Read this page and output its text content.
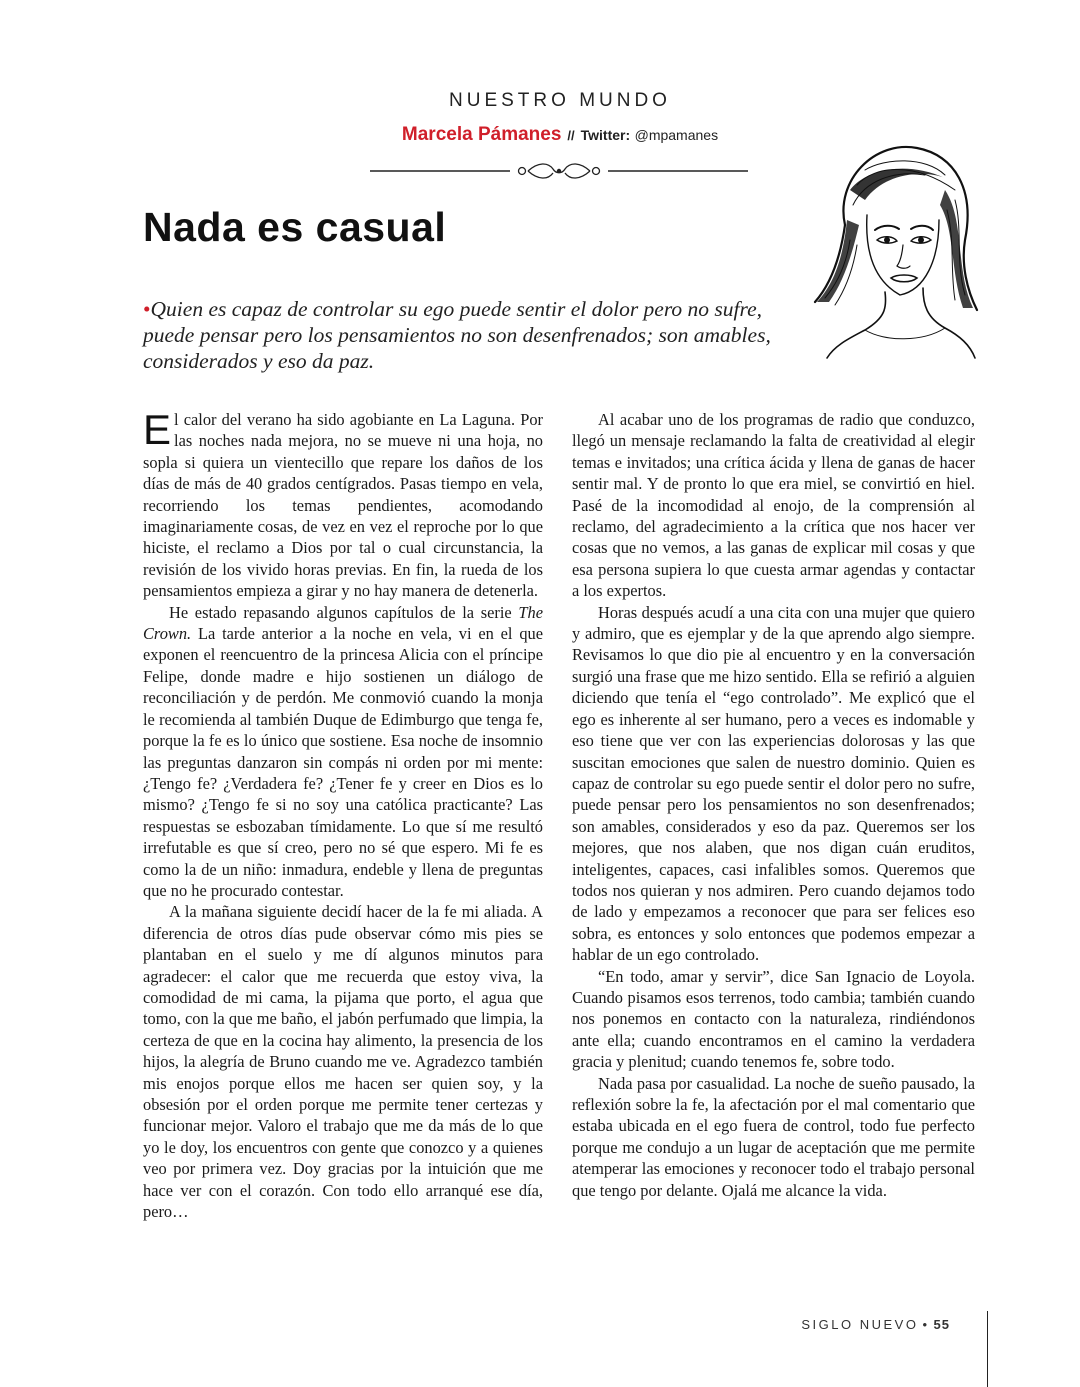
NUESTRO MUNDO
Marcela Pámanes // Twitter: @mpamanes
Nada es casual

•Quien es capaz de controlar su ego puede sentir el dolor pero no sufre, puede pensar pero los pensamientos no son desenfrenados; son amables, considerados y eso da paz.

El calor del verano ha sido agobiante en La Laguna. Por las noches nada mejora, no se mueve ni una hoja, no sopla si quiera un vientecillo que repare los daños de los días de más de 40 grados centígrados. Pasas tiempo en vela, recorriendo los temas pendientes, acomodando imaginariamente cosas, de vez en vez el reproche por lo que hiciste, el reclamo a Dios por tal o cual circunstancia, la revisión de los vivido horas previas. En fin, la rueda de los pensamientos empieza a girar y no hay manera de detenerla.

He estado repasando algunos capítulos de la serie The Crown. La tarde anterior a la noche en vela, vi en el que exponen el reencuentro de la princesa Alicia con el príncipe Felipe, donde madre e hijo sostienen un diálogo de reconciliación y de perdón. Me conmovió cuando la monja le recomienda al también Duque de Edimburgo que tenga fe, porque la fe es lo único que sostiene. Esa noche de insomnio las preguntas danzaron sin compás ni orden por mi mente: ¿Tengo fe? ¿Verdadera fe? ¿Tener fe y creer en Dios es lo mismo? ¿Tengo fe si no soy una católica practicante? Las respuestas se esbozaban tímidamente. Lo que sí me resultó irrefutable es que sí creo, pero no sé que espero. Mi fe es como la de un niño: inmadura, endeble y llena de preguntas que no he procurado contestar.

A la mañana siguiente decidí hacer de la fe mi aliada. A diferencia de otros días pude observar cómo mis pies se plantaban en el suelo y me dí algunos minutos para agradecer: el calor que me recuerda que estoy viva, la comodidad de mi cama, la pijama que porto, el agua que tomo, con la que me baño, el jabón perfumado que limpia, la certeza de que en la cocina hay alimento, la presencia de los hijos, la alegría de Bruno cuando me ve. Agradezco también mis enojos porque ellos me hacen ser quien soy, y la obsesión por el orden porque me permite tener certezas y funcionar mejor. Valoro el trabajo que me da más de lo que yo le doy, los encuentros con gente que conozco y a quienes veo por primera vez. Doy gracias por la intuición que me hace ver con el corazón. Con todo ello arranqué ese día, pero…

Al acabar uno de los programas de radio que conduzco, llegó un mensaje reclamando la falta de creatividad al elegir temas e invitados; una crítica ácida y llena de ganas de hacer sentir mal. Y de pronto lo que era miel, se convirtió en hiel. Pasé de la incomodidad al enojo, de la comprensión al reclamo, del agradecimiento a la crítica que nos hacer ver cosas que no vemos, a las ganas de explicar mil cosas y que esa persona supiera lo que cuesta armar agendas y contactar a los expertos.

Horas después acudí a una cita con una mujer que quiero y admiro, que es ejemplar y de la que aprendo algo siempre. Revisamos lo que dio pie al encuentro y en la conversación surgió una frase que me hizo sentido. Ella se refirió a alguien diciendo que tenía el “ego controlado”. Me explicó que el ego es inherente al ser humano, pero a veces es indomable y eso tiene que ver con las experiencias dolorosas y las que suscitan emociones que salen de nuestro dominio. Quien es capaz de controlar su ego puede sentir el dolor pero no sufre, puede pensar pero los pensamientos no son desenfrenados; son amables, considerados y eso da paz. Queremos ser los mejores, que nos alaben, que nos digan cuán eruditos, inteligentes, capaces, casi infalibles somos. Queremos que todos nos quieran y nos admiren. Pero cuando dejamos todo de lado y empezamos a reconocer que para ser felices eso sobra, es entonces y solo entonces que podemos empezar a hablar de un ego controlado.

“En todo, amar y servir”, dice San Ignacio de Loyola. Cuando pisamos esos terrenos, todo cambia; también cuando nos ponemos en contacto con la naturaleza, rindiéndonos ante ella; cuando encontramos en el camino la verdadera gracia y plenitud; cuando tenemos fe, sobre todo.

Nada pasa por casualidad. La noche de sueño pausado, la reflexión sobre la fe, la afectación por el mal comentario que estaba ubicada en el ego fuera de control, todo fue perfecto porque me condujo a un lugar de aceptación que me permite atemperar las emociones y reconocer todo el trabajo personal que tengo por delante. Ojalá me alcance la vida.

SIGLO NUEVO • 55
